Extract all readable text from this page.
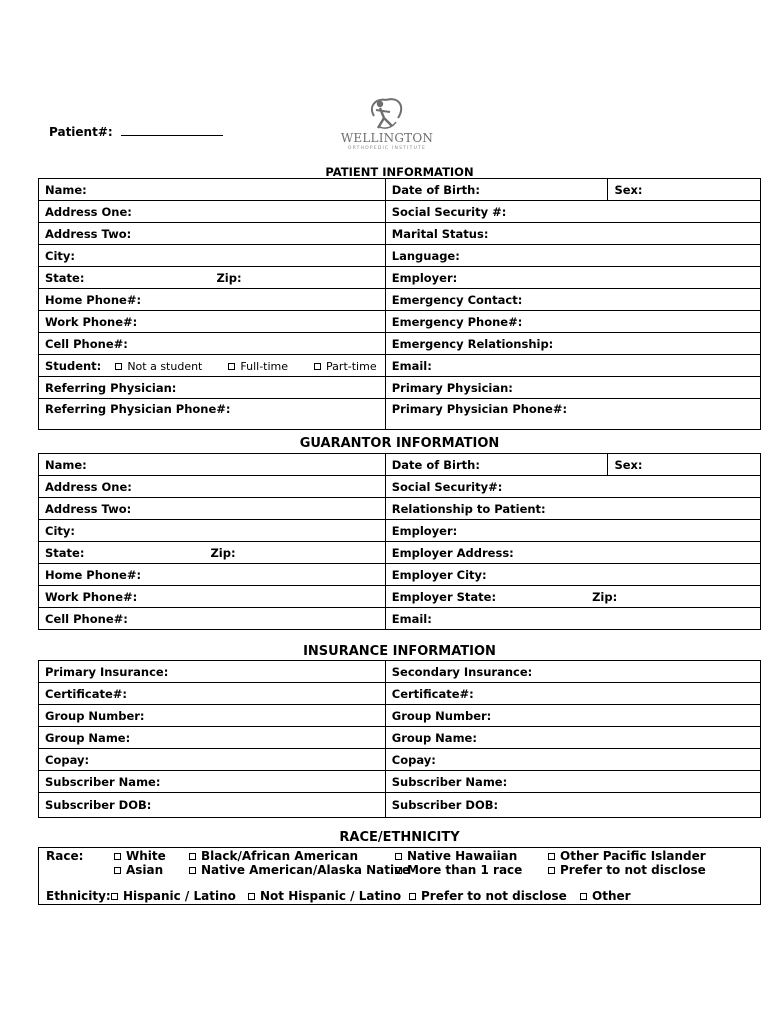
Patient#:	WELLINGTON
ORTHOPEDIC INSTITUTE
PATIENT INFORMATION
Name:	Date of Birth:	Sex:
Address One:	Social Security #:	
Address Two:	Marital Status:	
City:	Language:	
State: Zip:	Employer:	
Home Phone#:	Emergency Contact:	
Work Phone#:	Emergency Phone#:	
Cell Phone#:	Emergency Relationship:	
Student: Not a student Full-time Part-time	Email:	
Referring Physician:	Primary Physician:	
Referring Physician Phone#:	Primary Physician Phone#:	
GUARANTOR INFORMATION
Name:	Date of Birth:	Sex:
Address One:	Social Security#:	
Address Two:	Relationship to Patient:	
City:	Employer:	
State: Zip:	Employer Address:	
Home Phone#:	Employer City:	
Work Phone#:	Employer State: Zip:	

Cell Phone#:	Email:	
INSURANCE INFORMATION
Primary Insurance:	Secondary Insurance:
Certificate#:	Certificate#:
Group Number:	Group Number:
Group Name:	Group Name:
Copay:	Copay:
Subscriber Name:	Subscriber Name:
Subscriber DOB:	Subscriber DOB:
RACE/ETHNICITY
Race:	White
Asian
Black/African American
Native American/Alaska Native
Native Hawaiian
More than 1 race
Other Pacific Islander
Prefer to not disclose
Ethnicity:	Hispanic / Latino	Not Hispanic / Latino	Prefer to not disclose	Other
